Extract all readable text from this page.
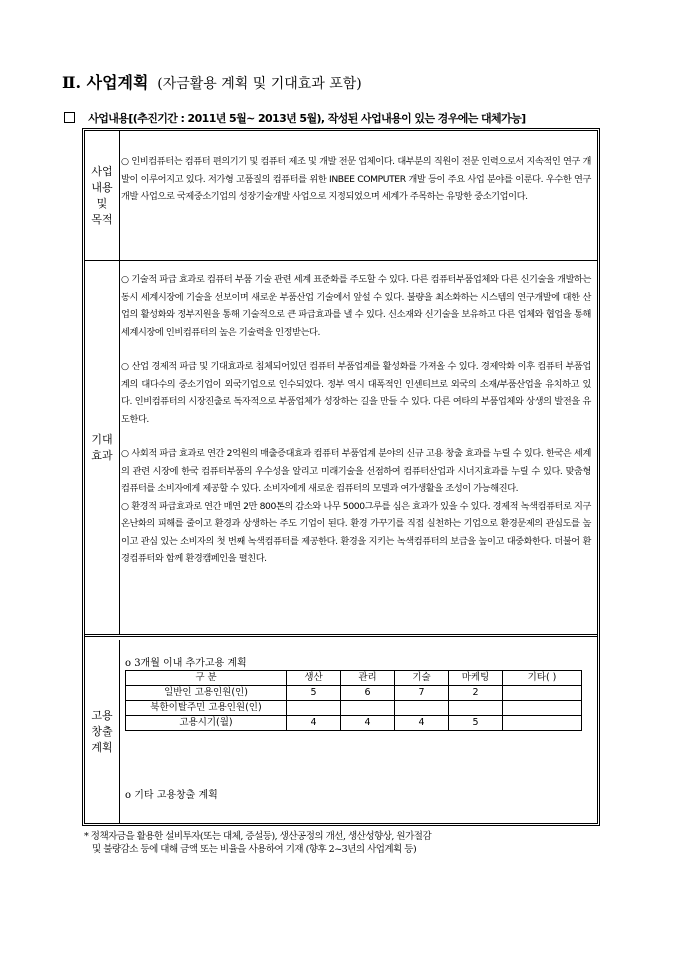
Ⅱ. 사업계획 (자금활용 계획 및 기대효과 포함)
사업내용[(추진기간 : 2011년 5월~ 2013년 5월), 작성된 사업내용이 있는 경우에는 대체가능]
사업
내용
및
목적

○ 인비컴퓨터는 컴퓨터 편의기기 및 컴퓨터 제조 및 개발 전문 업체이다. 대부분의 직원이 전문 인력으로서 지속적인 연구 개발이 이루어지고 있다. 저가형 고품질의 컴퓨터를 위한 INBEE COMPUTER 개발 등이 주요 사업 분야를 이룬다. 우수한 연구개발 사업으로 국제중소기업의 성장기술개발 사업으로 지정되었으며 세계가 주목하는 유망한 중소기업이다.

기대
효과

○ 기술적 파급 효과로 컴퓨터 부품 기술 관련 세계 표준화를 주도할 수 있다. 다른 컴퓨터부품업체와 다른 신기술을 개발하는 동시 세계시장에 기술을 선보이며 새로운 부품산업 기술에서 앞설 수 있다. 불량을 최소화하는 시스템의 연구개발에 대한 산업의 활성화와 정부지원을 통해 기술적으로 큰 파급효과를 낼 수 있다. 신소재와 신기술을 보유하고 다른 업체와 협업을 통해 세계시장에 인비컴퓨터의 높은 기술력을 인정받는다.

○ 산업 경제적 파급 및 기대효과로 침체되어있던 컴퓨터 부품업계를 활성화를 가져올 수 있다. 경제악화 이후 컴퓨터 부품업계의 대다수의 중소기업이 외국기업으로 인수되었다. 정부 역시 대폭적인 인센티브로 외국의 소재/부품산업을 유치하고 있다. 인비컴퓨터의 시장진출로 독자적으로 부품업체가 성장하는 길을 만들 수 있다. 다른 여타의 부품업체와 상생의 발전을 유도한다.

○ 사회적 파급 효과로 연간 2억원의 매출증대효과 컴퓨터 부품업계 분야의 신규 고용 창출 효과를 누릴 수 있다. 한국은 세계의 관련 시장에 한국 컴퓨터부품의 우수성을 알리고 미래기술을 선점하여 컴퓨터산업과 시너지효과를 누릴 수 있다. 맞춤형 컴퓨터를 소비자에게 제공할 수 있다. 소비자에게 새로운 컴퓨터의 모델과 여가생활을 조성이 가능해진다.
○ 환경적 파급효과로 연간 매연 2만 800톤의 감소와 나무 5000그루를 심은 효과가 있을 수 있다. 경제적 녹색컴퓨터로 지구온난화의 피해를 줄이고 환경과 상생하는 주도 기업이 된다. 환경 가꾸기를 직접 실천하는 기업으로 환경문제의 관심도를 높이고 관심 있는 소비자의 첫 번째 녹색컴퓨터를 제공한다. 환경을 지키는 녹색컴퓨터의 보급을 높이고 대중화한다. 더불어 환경컴퓨터와 함께 환경캠페인을 펼친다.

고용
창출
계획
o 3개월 이내 추가고용 계획
구 분	생산	관리	기술	마케팅	기타( )
일반인 고용인원(인)	5	6	7	2	
북한이탈주민 고용인원(인)					
고용시기(월)	4	4	4	5	
o 기타 고용창출 계획
* 정책자금을 활용한 설비투자(또는 대체, 증설등), 생산공정의 개선, 생산성향상, 원가절감
및 불량감소 등에 대해 금액 또는 비율을 사용하여 기재 (향후 2~3년의 사업계획 등)
